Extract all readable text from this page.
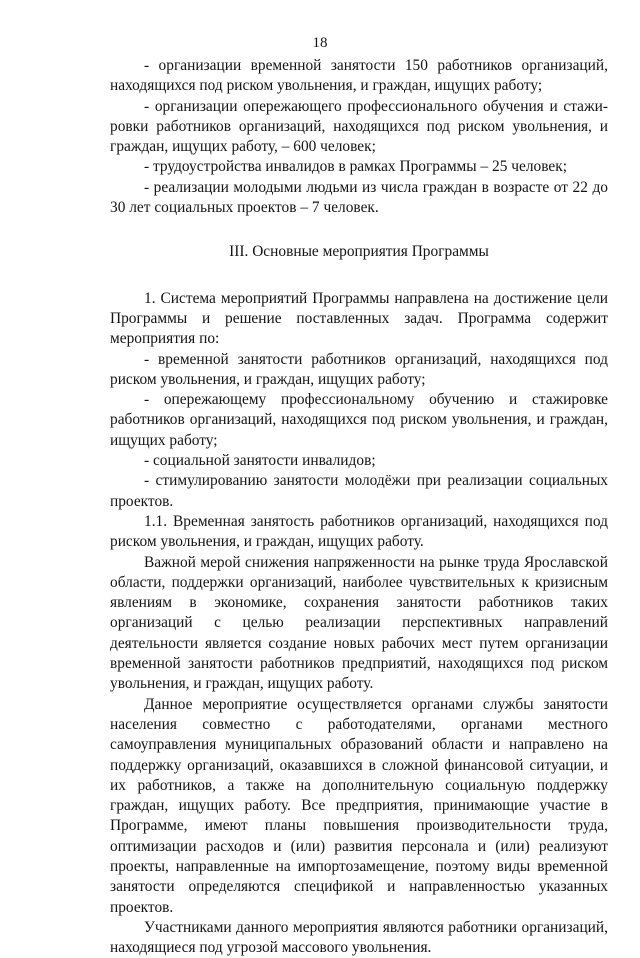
18

- организации временной занятости 150 работников организаций, находящихся под риском увольнения, и граждан, ищущих работу;

- организации опережающего профессионального обучения и стажировки работников организаций, находящихся под риском увольнения, и граждан, ищущих работу, – 600 человек;

- трудоустройства инвалидов в рамках Программы – 25 человек;

- реализации молодыми людьми из числа граждан в возрасте от 22 до 30 лет социальных проектов – 7 человек.

III. Основные мероприятия Программы

1. Система мероприятий Программы направлена на достижение цели Программы и решение поставленных задач. Программа содержит мероприятия по:

- временной занятости работников организаций, находящихся под риском увольнения, и граждан, ищущих работу;

- опережающему профессиональному обучению и стажировке работников организаций, находящихся под риском увольнения, и граждан, ищущих работу;

- социальной занятости инвалидов;

- стимулированию занятости молодёжи при реализации социальных проектов.

1.1. Временная занятость работников организаций, находящихся под риском увольнения, и граждан, ищущих работу.

Важной мерой снижения напряженности на рынке труда Ярославской области, поддержки организаций, наиболее чувствительных к кризисным явлениям в экономике, сохранения занятости работников таких организаций с целью реализации перспективных направлений деятельности является создание новых рабочих мест путем организации временной занятости работников предприятий, находящихся под риском увольнения, и граждан, ищущих работу.

Данное мероприятие осуществляется органами службы занятости населения совместно с работодателями, органами местного самоуправления муниципальных образований области и направлено на поддержку организаций, оказавшихся в сложной финансовой ситуации, и их работников, а также на дополнительную социальную поддержку граждан, ищущих работу. Все предприятия, принимающие участие в Программе, имеют планы повышения производительности труда, оптимизации расходов и (или) развития персонала и (или) реализуют проекты, направленные на импортозамещение, поэтому виды временной занятости определяются спецификой и направленностью указанных проектов.

Участниками данного мероприятия являются работники организаций, находящиеся под угрозой массового увольнения.
